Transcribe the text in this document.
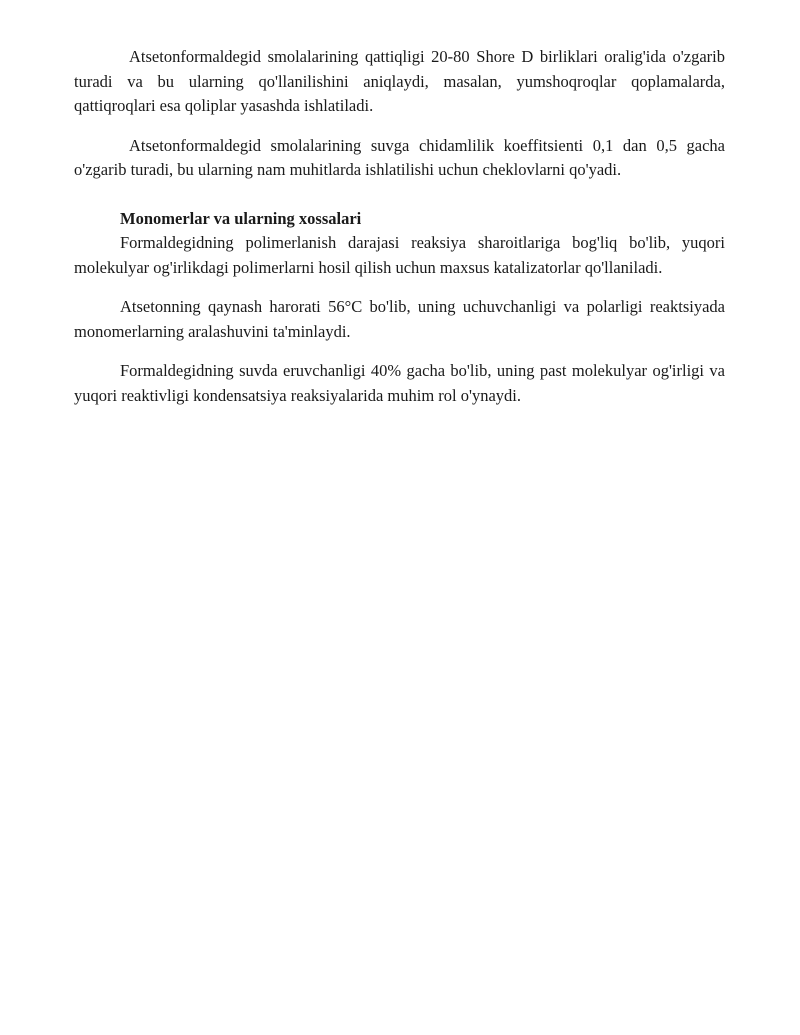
Atsetonformaldegid smolalarining qattiqligi 20-80 Shore D birliklari oralig'ida o'zgarib turadi va bu ularning qo'llanilishini aniqlaydi, masalan, yumshoqroqlar qoplamalarda, qattiqroqlari esa qoliplar yasashda ishlatiladi.

Atsetonformaldegid smolalarining suvga chidamlilik koeffitsienti 0,1 dan 0,5 gacha o'zgarib turadi, bu ularning nam muhitlarda ishlatilishi uchun cheklovlarni qo'yadi.

Monomerlar va ularning xossalari

Formaldegidning polimerlanish darajasi reaksiya sharoitlariga bog'liq bo'lib, yuqori molekulyar og'irlikdagi polimerlarni hosil qilish uchun maxsus katalizatorlar qo'llaniladi.

Atsetonning qaynash harorati 56°C bo'lib, uning uchuvchanligi va polarligi reaktsiyada monomerlarning aralashuvini ta'minlaydi.

Formaldegidning suvda eruvchanligi 40% gacha bo'lib, uning past molekulyar og'irligi va yuqori reaktivligi kondensatsiya reaksiyalarida muhim rol o'ynaydi.
